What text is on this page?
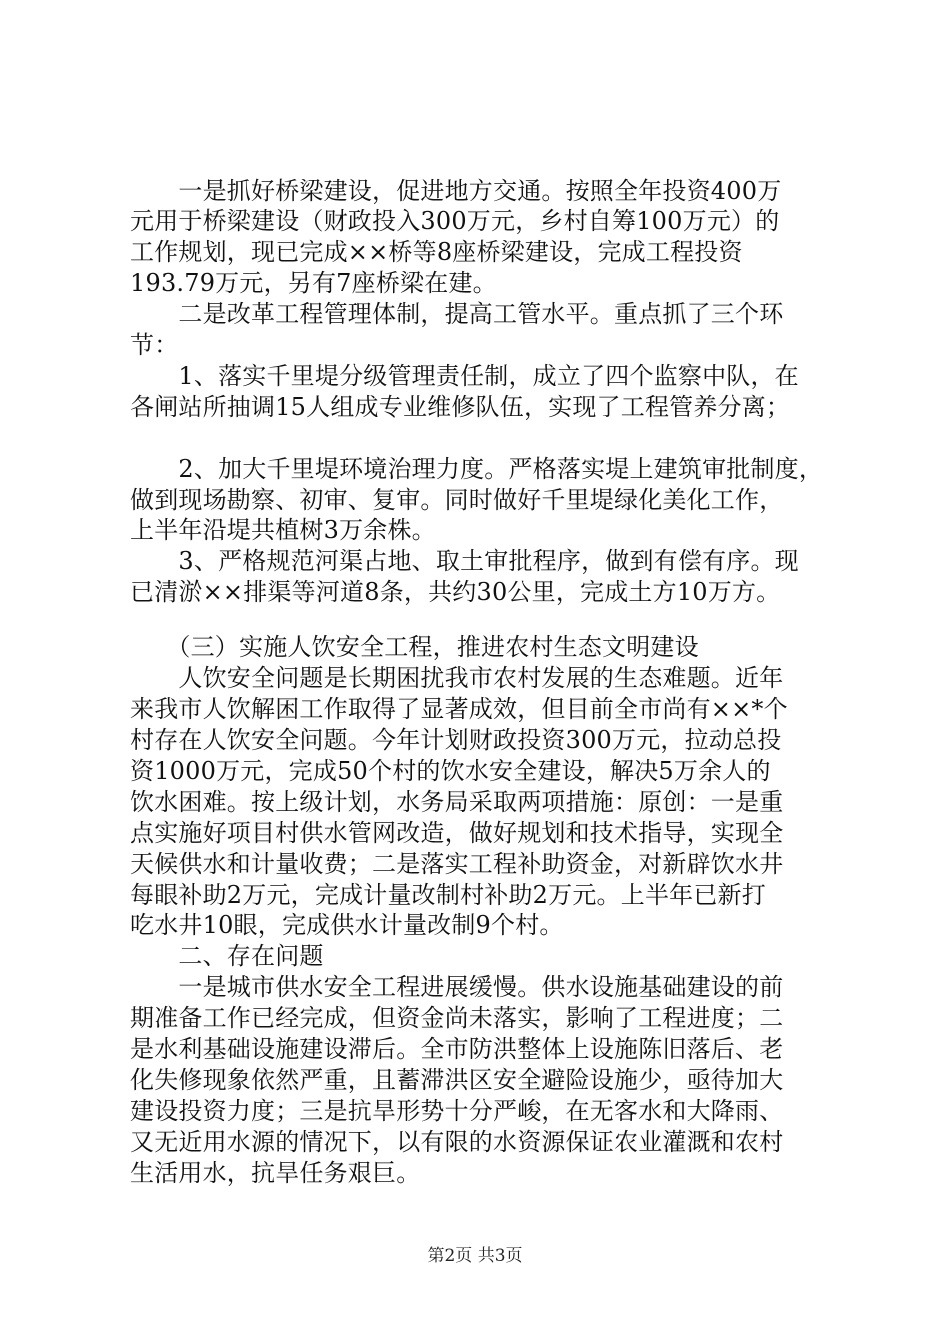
　　一是抓好桥梁建设，促进地方交通。按照全年投资400万
元用于桥梁建设（财政投入300万元，乡村自筹100万元）的
工作规划，现已完成××桥等8座桥梁建设，完成工程投资
193.79万元，另有7座桥梁在建。
　　二是改革工程管理体制，提高工管水平。重点抓了三个环
节：
　　1、落实千里堤分级管理责任制，成立了四个监察中队，在
各闸站所抽调15人组成专业维修队伍，实现了工程管养分离；
　　2、加大千里堤环境治理力度。严格落实堤上建筑审批制度，
做到现场勘察、初审、复审。同时做好千里堤绿化美化工作，
上半年沿堤共植树3万余株。
　　3、严格规范河渠占地、取土审批程序，做到有偿有序。现
已清淤××排渠等河道8条，共约30公里，完成土方10万方。
　　（三）实施人饮安全工程，推进农村生态文明建设
　　人饮安全问题是长期困扰我市农村发展的生态难题。近年
来我市人饮解困工作取得了显著成效，但目前全市尚有××*个
村存在人饮安全问题。今年计划财政投资300万元，拉动总投
资1000万元，完成50个村的饮水安全建设，解决5万余人的
饮水困难。按上级计划，水务局采取两项措施：原创：一是重
点实施好项目村供水管网改造，做好规划和技术指导，实现全
天候供水和计量收费；二是落实工程补助资金，对新辟饮水井
每眼补助2万元，完成计量改制村补助2万元。上半年已新打
吃水井10眼，完成供水计量改制9个村。
　　二、存在问题
　　一是城市供水安全工程进展缓慢。供水设施基础建设的前
期准备工作已经完成，但资金尚未落实，影响了工程进度；二
是水利基础设施建设滞后。全市防洪整体上设施陈旧落后、老
化失修现象依然严重，且蓄滞洪区安全避险设施少，亟待加大
建设投资力度；三是抗旱形势十分严峻，在无客水和大降雨、
又无近用水源的情况下，以有限的水资源保证农业灌溉和农村
生活用水，抗旱任务艰巨。
第2页 共3页
